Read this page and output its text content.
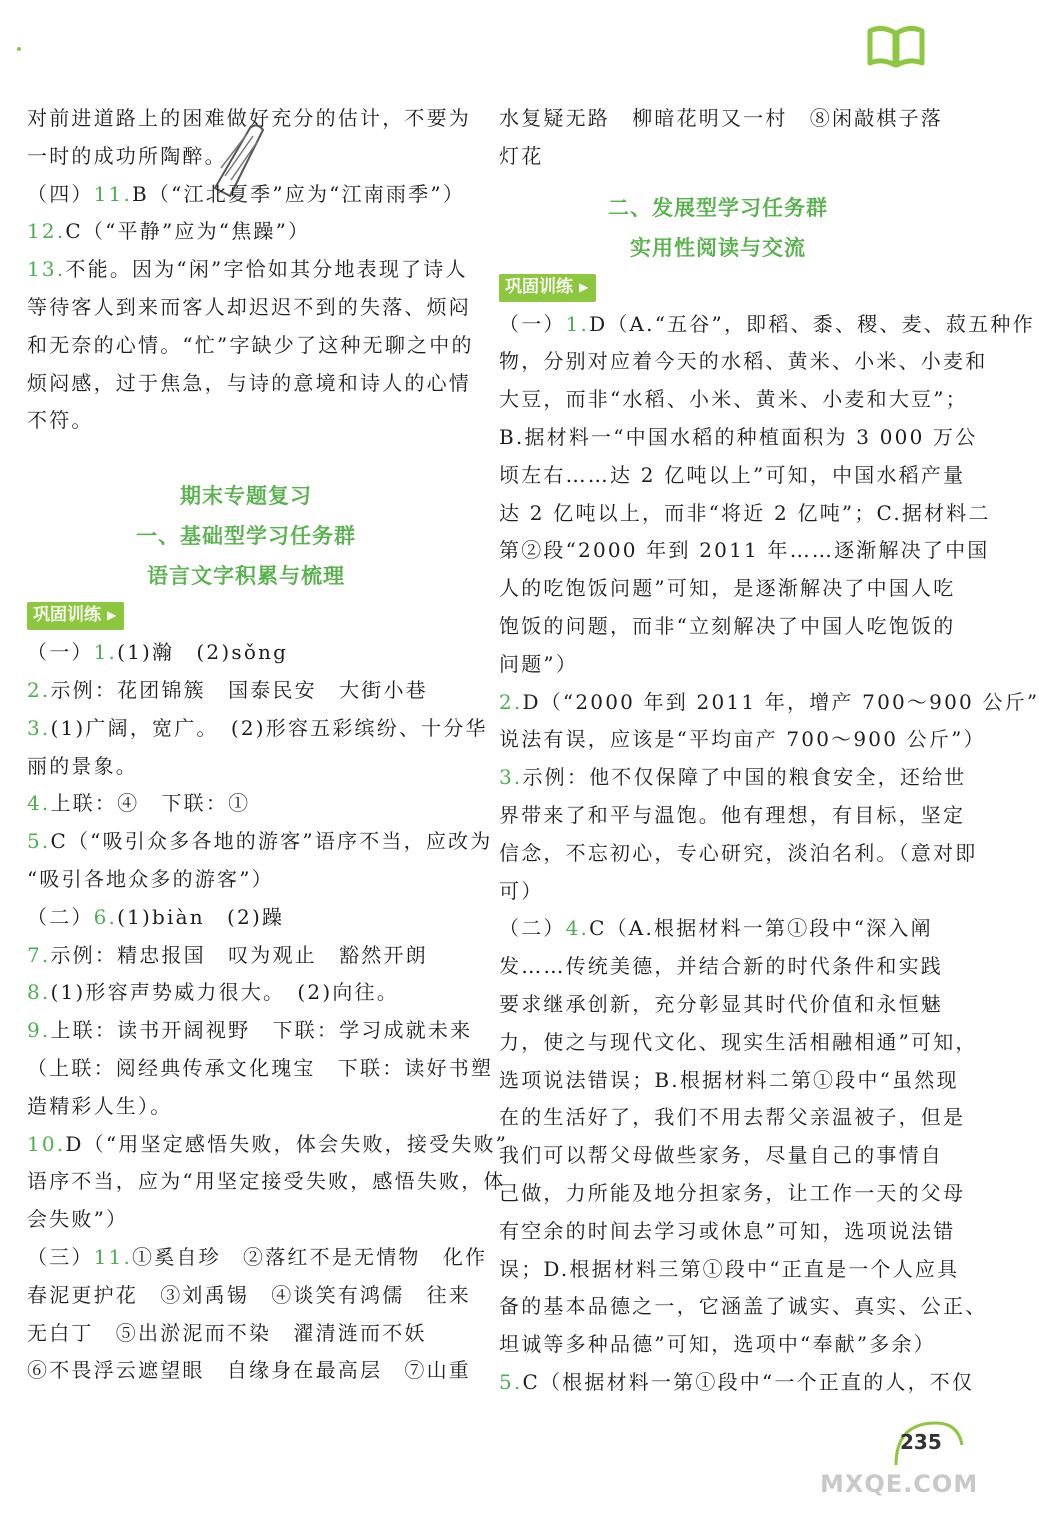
对前进道路上的困难做好充分的估计，不要为
一时的成功所陶醉。
（四）11.B（“江北夏季”应为“江南雨季”）
12.C（“平静”应为“焦躁”）
13.不能。因为“闲”字恰如其分地表现了诗人
等待客人到来而客人却迟迟不到的失落、烦闷
和无奈的心情。“忙”字缺少了这种无聊之中的
烦闷感，过于焦急，与诗的意境和诗人的心情
不符。
期末专题复习
一、基础型学习任务群
语言文字积累与梳理
巩固训练 ▶
（一）1.(1)瀚　(2)sǒng
2.示例：花团锦簇　国泰民安　大街小巷
3.(1)广阔，宽广。　(2)形容五彩缤纷、十分华
丽的景象。
4.上联：④　下联：①
5.C（“吸引众多各地的游客”语序不当，应改为
“吸引各地众多的游客”）
（二）6.(1)biàn　(2)躁
7.示例：精忠报国　叹为观止　豁然开朗
8.(1)形容声势威力很大。　(2)向往。
9.上联：读书开阔视野　下联：学习成就未来
（上联：阅经典传承文化瑰宝　下联：读好书塑
造精彩人生）。
10.D（“用坚定感悟失败，体会失败，接受失败”
语序不当，应为“用坚定接受失败，感悟失败，体
会失败”）
（三）11.①奚自珍　②落红不是无情物　化作
春泥更护花　③刘禹锡　④谈笑有鸿儒　往来
无白丁　⑤出淤泥而不染　濯清涟而不妖
⑥不畏浮云遮望眼　自缘身在最高层　⑦山重
水复疑无路　柳暗花明又一村　⑧闲敲棋子落
灯花
二、发展型学习任务群
实用性阅读与交流
巩固训练 ▶
（一）1.D（A.“五谷”，即稻、黍、稷、麦、菽五种作
物，分别对应着今天的水稻、黄米、小米、小麦和
大豆，而非“水稻、小米、黄米、小麦和大豆”；
B.据材料一“中国水稻的种植面积为 3 000 万公
顷左右……达 2 亿吨以上”可知，中国水稻产量
达 2 亿吨以上，而非“将近 2 亿吨”；C.据材料二
第②段“2000 年到 2011 年……逐渐解决了中国
人的吃饱饭问题”可知，是逐渐解决了中国人吃
饱饭的问题，而非“立刻解决了中国人吃饱饭的
问题”）
2.D（“2000 年到 2011 年，增产 700～900 公斤”
说法有误，应该是“平均亩产 700～900 公斤”）
3.示例：他不仅保障了中国的粮食安全，还给世
界带来了和平与温饱。他有理想，有目标，坚定
信念，不忘初心，专心研究，淡泊名利。（意对即
可）
（二）4.C（A.根据材料一第①段中“深入阐
发……传统美德，并结合新的时代条件和实践
要求继承创新，充分彰显其时代价值和永恒魅
力，使之与现代文化、现实生活相融相通”可知，
选项说法错误；B.根据材料二第①段中“虽然现
在的生活好了，我们不用去帮父亲温被子，但是
我们可以帮父母做些家务，尽量自己的事情自
己做，力所能及地分担家务，让工作一天的父母
有空余的时间去学习或休息”可知，选项说法错
误；D.根据材料三第①段中“正直是一个人应具
备的基本品德之一，它涵盖了诚实、真实、公正、
坦诚等多种品德”可知，选项中“奉献”多余）
5.C（根据材料一第①段中“一个正直的人，不仅
235
MXQE.COM
